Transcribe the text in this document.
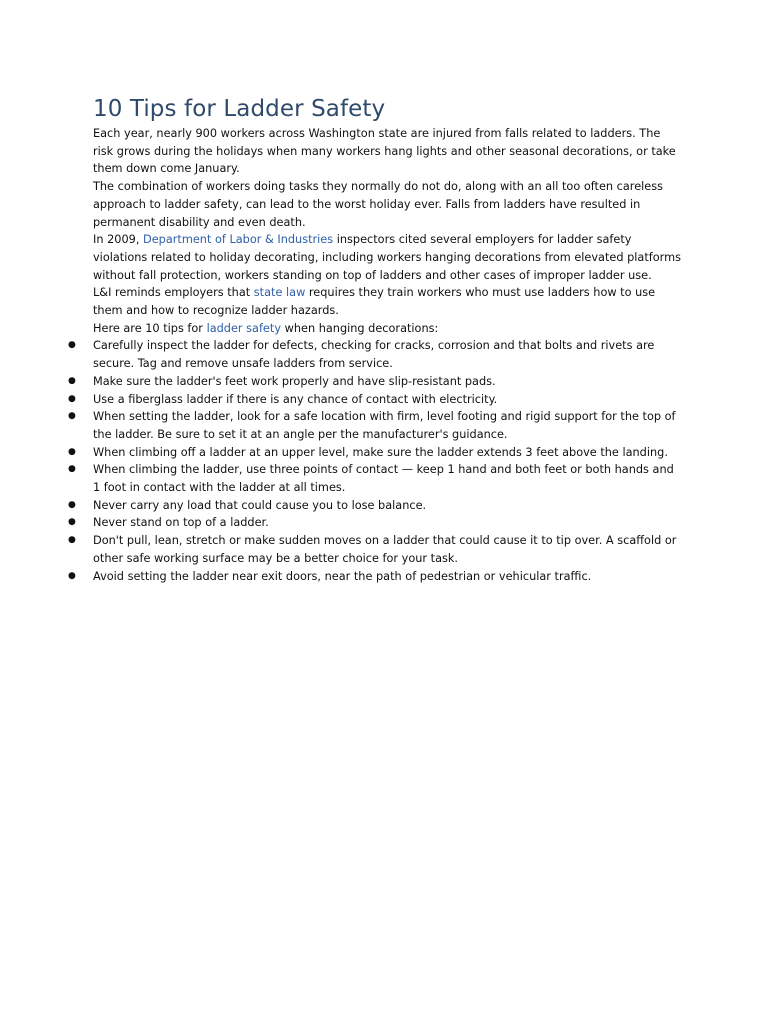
10 Tips for Ladder Safety

Each year, nearly 900 workers across Washington state are injured from falls related to ladders. The risk grows during the holidays when many workers hang lights and other seasonal decorations, or take them down come January.

The combination of workers doing tasks they normally do not do, along with an all too often careless approach to ladder safety, can lead to the worst holiday ever. Falls from ladders have resulted in permanent disability and even death.

In 2009, Department of Labor & Industries inspectors cited several employers for ladder safety violations related to holiday decorating, including workers hanging decorations from elevated platforms without fall protection, workers standing on top of ladders and other cases of improper ladder use.

L&I reminds employers that state law requires they train workers who must use ladders how to use them and how to recognize ladder hazards.

Here are 10 tips for ladder safety when hanging decorations:

● Carefully inspect the ladder for defects, checking for cracks, corrosion and that bolts and rivets are secure. Tag and remove unsafe ladders from service.
● Make sure the ladder's feet work properly and have slip-resistant pads.
● Use a fiberglass ladder if there is any chance of contact with electricity.
● When setting the ladder, look for a safe location with firm, level footing and rigid support for the top of the ladder. Be sure to set it at an angle per the manufacturer's guidance.
● When climbing off a ladder at an upper level, make sure the ladder extends 3 feet above the landing.
● When climbing the ladder, use three points of contact — keep 1 hand and both feet or both hands and 1 foot in contact with the ladder at all times.
● Never carry any load that could cause you to lose balance.
● Never stand on top of a ladder.
● Don't pull, lean, stretch or make sudden moves on a ladder that could cause it to tip over. A scaffold or other safe working surface may be a better choice for your task.
● Avoid setting the ladder near exit doors, near the path of pedestrian or vehicular traffic.
